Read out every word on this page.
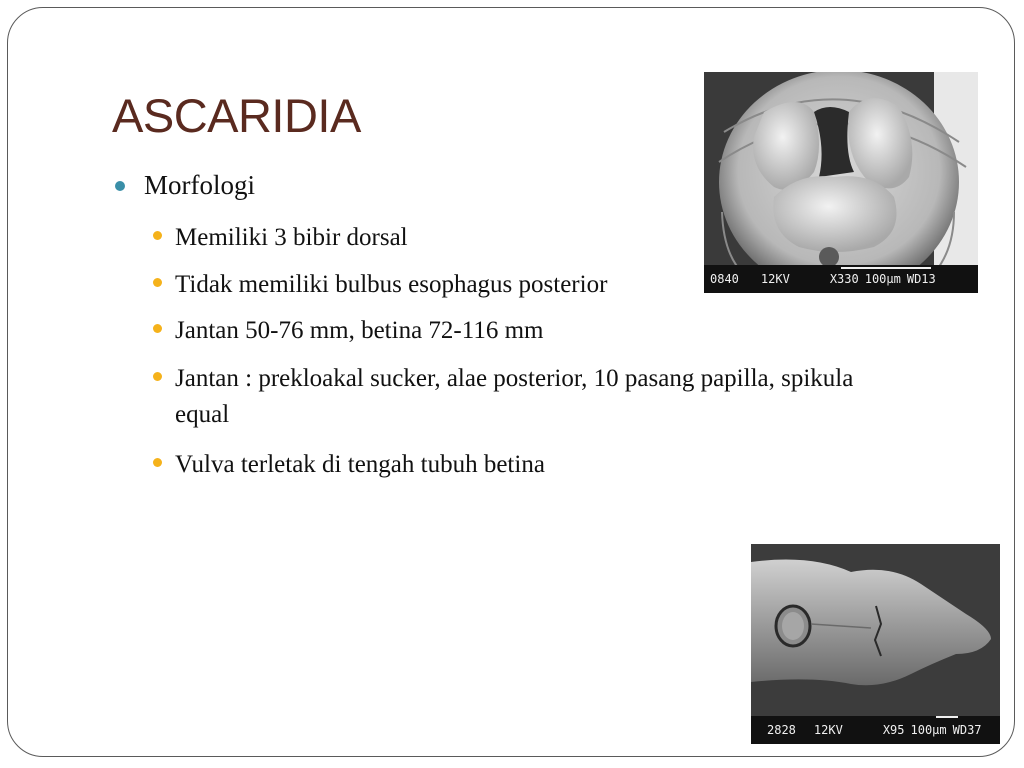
ASCARIDIA
Morfologi
Memiliki 3 bibir dorsal
Tidak memiliki bulbus esophagus posterior
Jantan 50-76 mm, betina 72-116 mm
Jantan : prekloakal sucker, alae posterior, 10 pasang papilla, spikula equal
Vulva terletak di tengah tubuh betina
0840 12KV	X330 100µm WD13
2828 12KV	X95 100µm WD37
